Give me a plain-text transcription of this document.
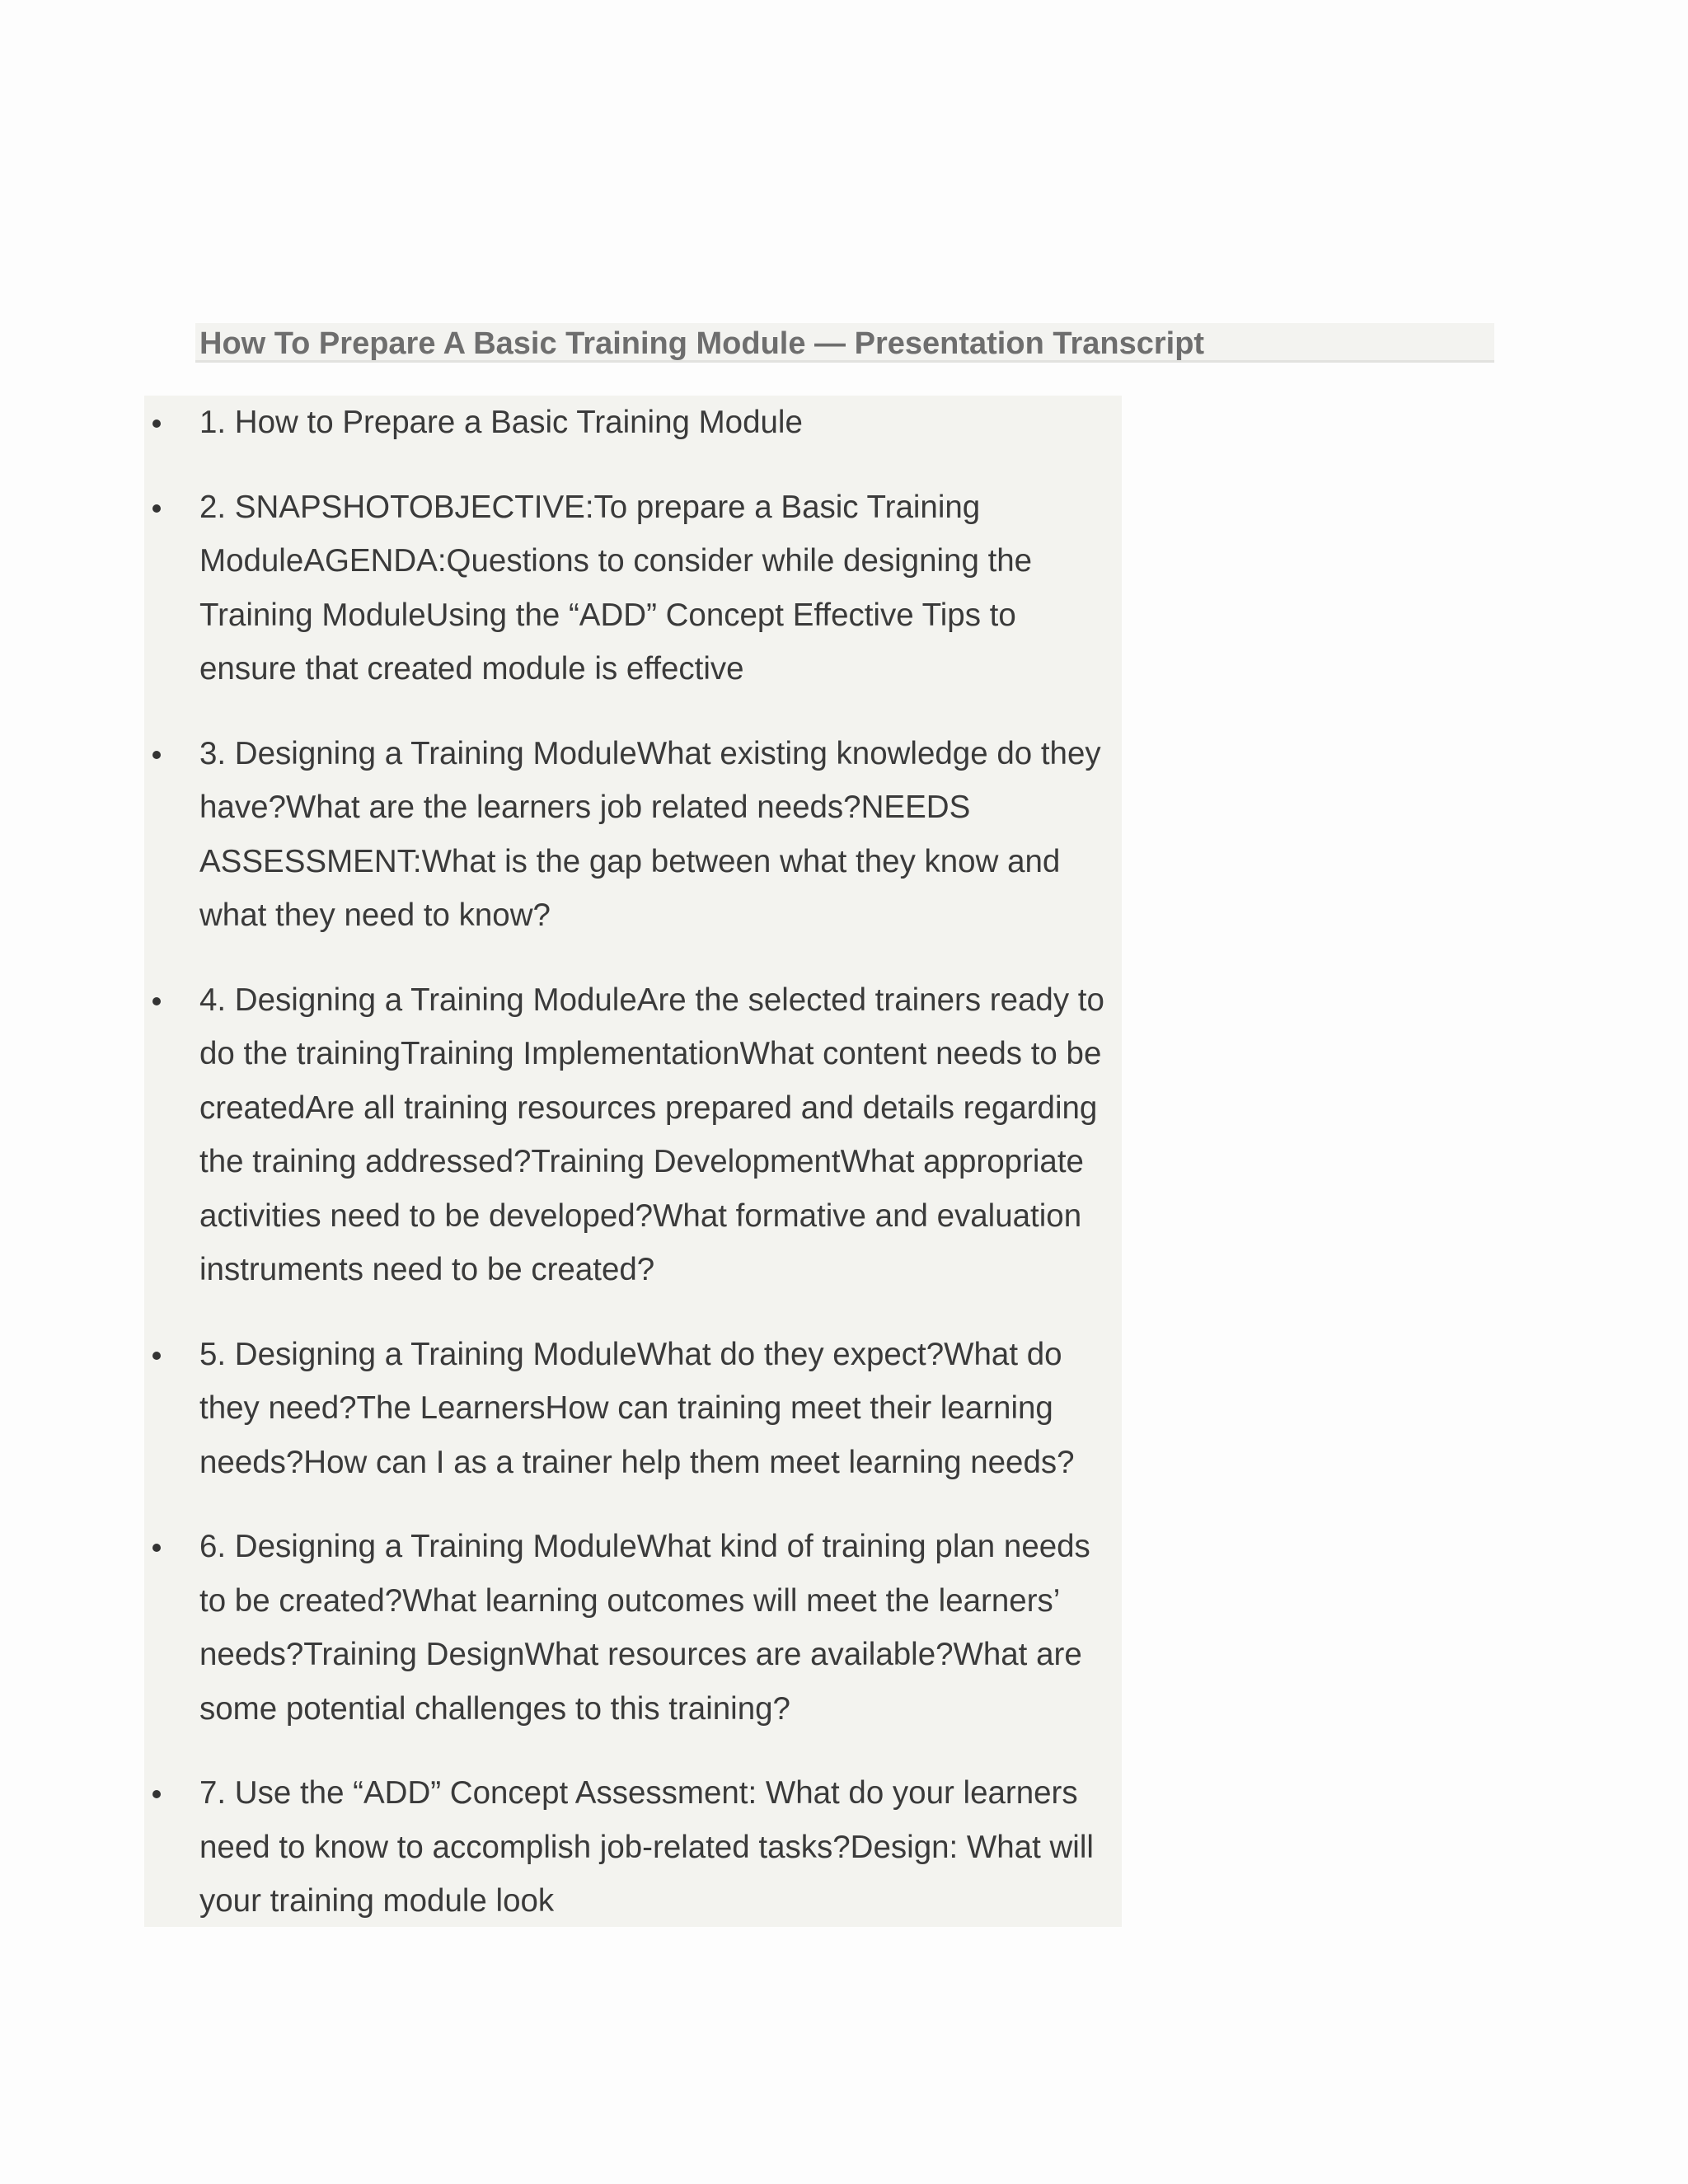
How To Prepare A Basic Training Module — Presentation Transcript
1. How to Prepare a Basic Training Module
2. SNAPSHOTOBJECTIVE:To prepare a Basic Training ModuleAGENDA:Questions to consider while designing the Training ModuleUsing the “ADD” Concept Effective Tips to ensure that created module is effective
3. Designing a Training ModuleWhat existing knowledge do they have?What are the learners job related needs?NEEDS ASSESSMENT:What is the gap between what they know and what they need to know?
4. Designing a Training ModuleAre the selected trainers ready to do the trainingTraining ImplementationWhat content needs to be createdAre all training resources prepared and details regarding the training addressed?Training DevelopmentWhat appropriate activities need to be developed?What formative and evaluation instruments need to be created?
5. Designing a Training ModuleWhat do they expect?What do they need?The LearnersHow can training meet their learning needs?How can I as a trainer help them meet learning needs?
6. Designing a Training ModuleWhat kind of training plan needs to be created?What learning outcomes will meet the learners’ needs?Training DesignWhat resources are available?What are some potential challenges to this training?
7. Use the “ADD” Concept Assessment: What do your learners need to know to accomplish job-related tasks?Design: What will your training module look
